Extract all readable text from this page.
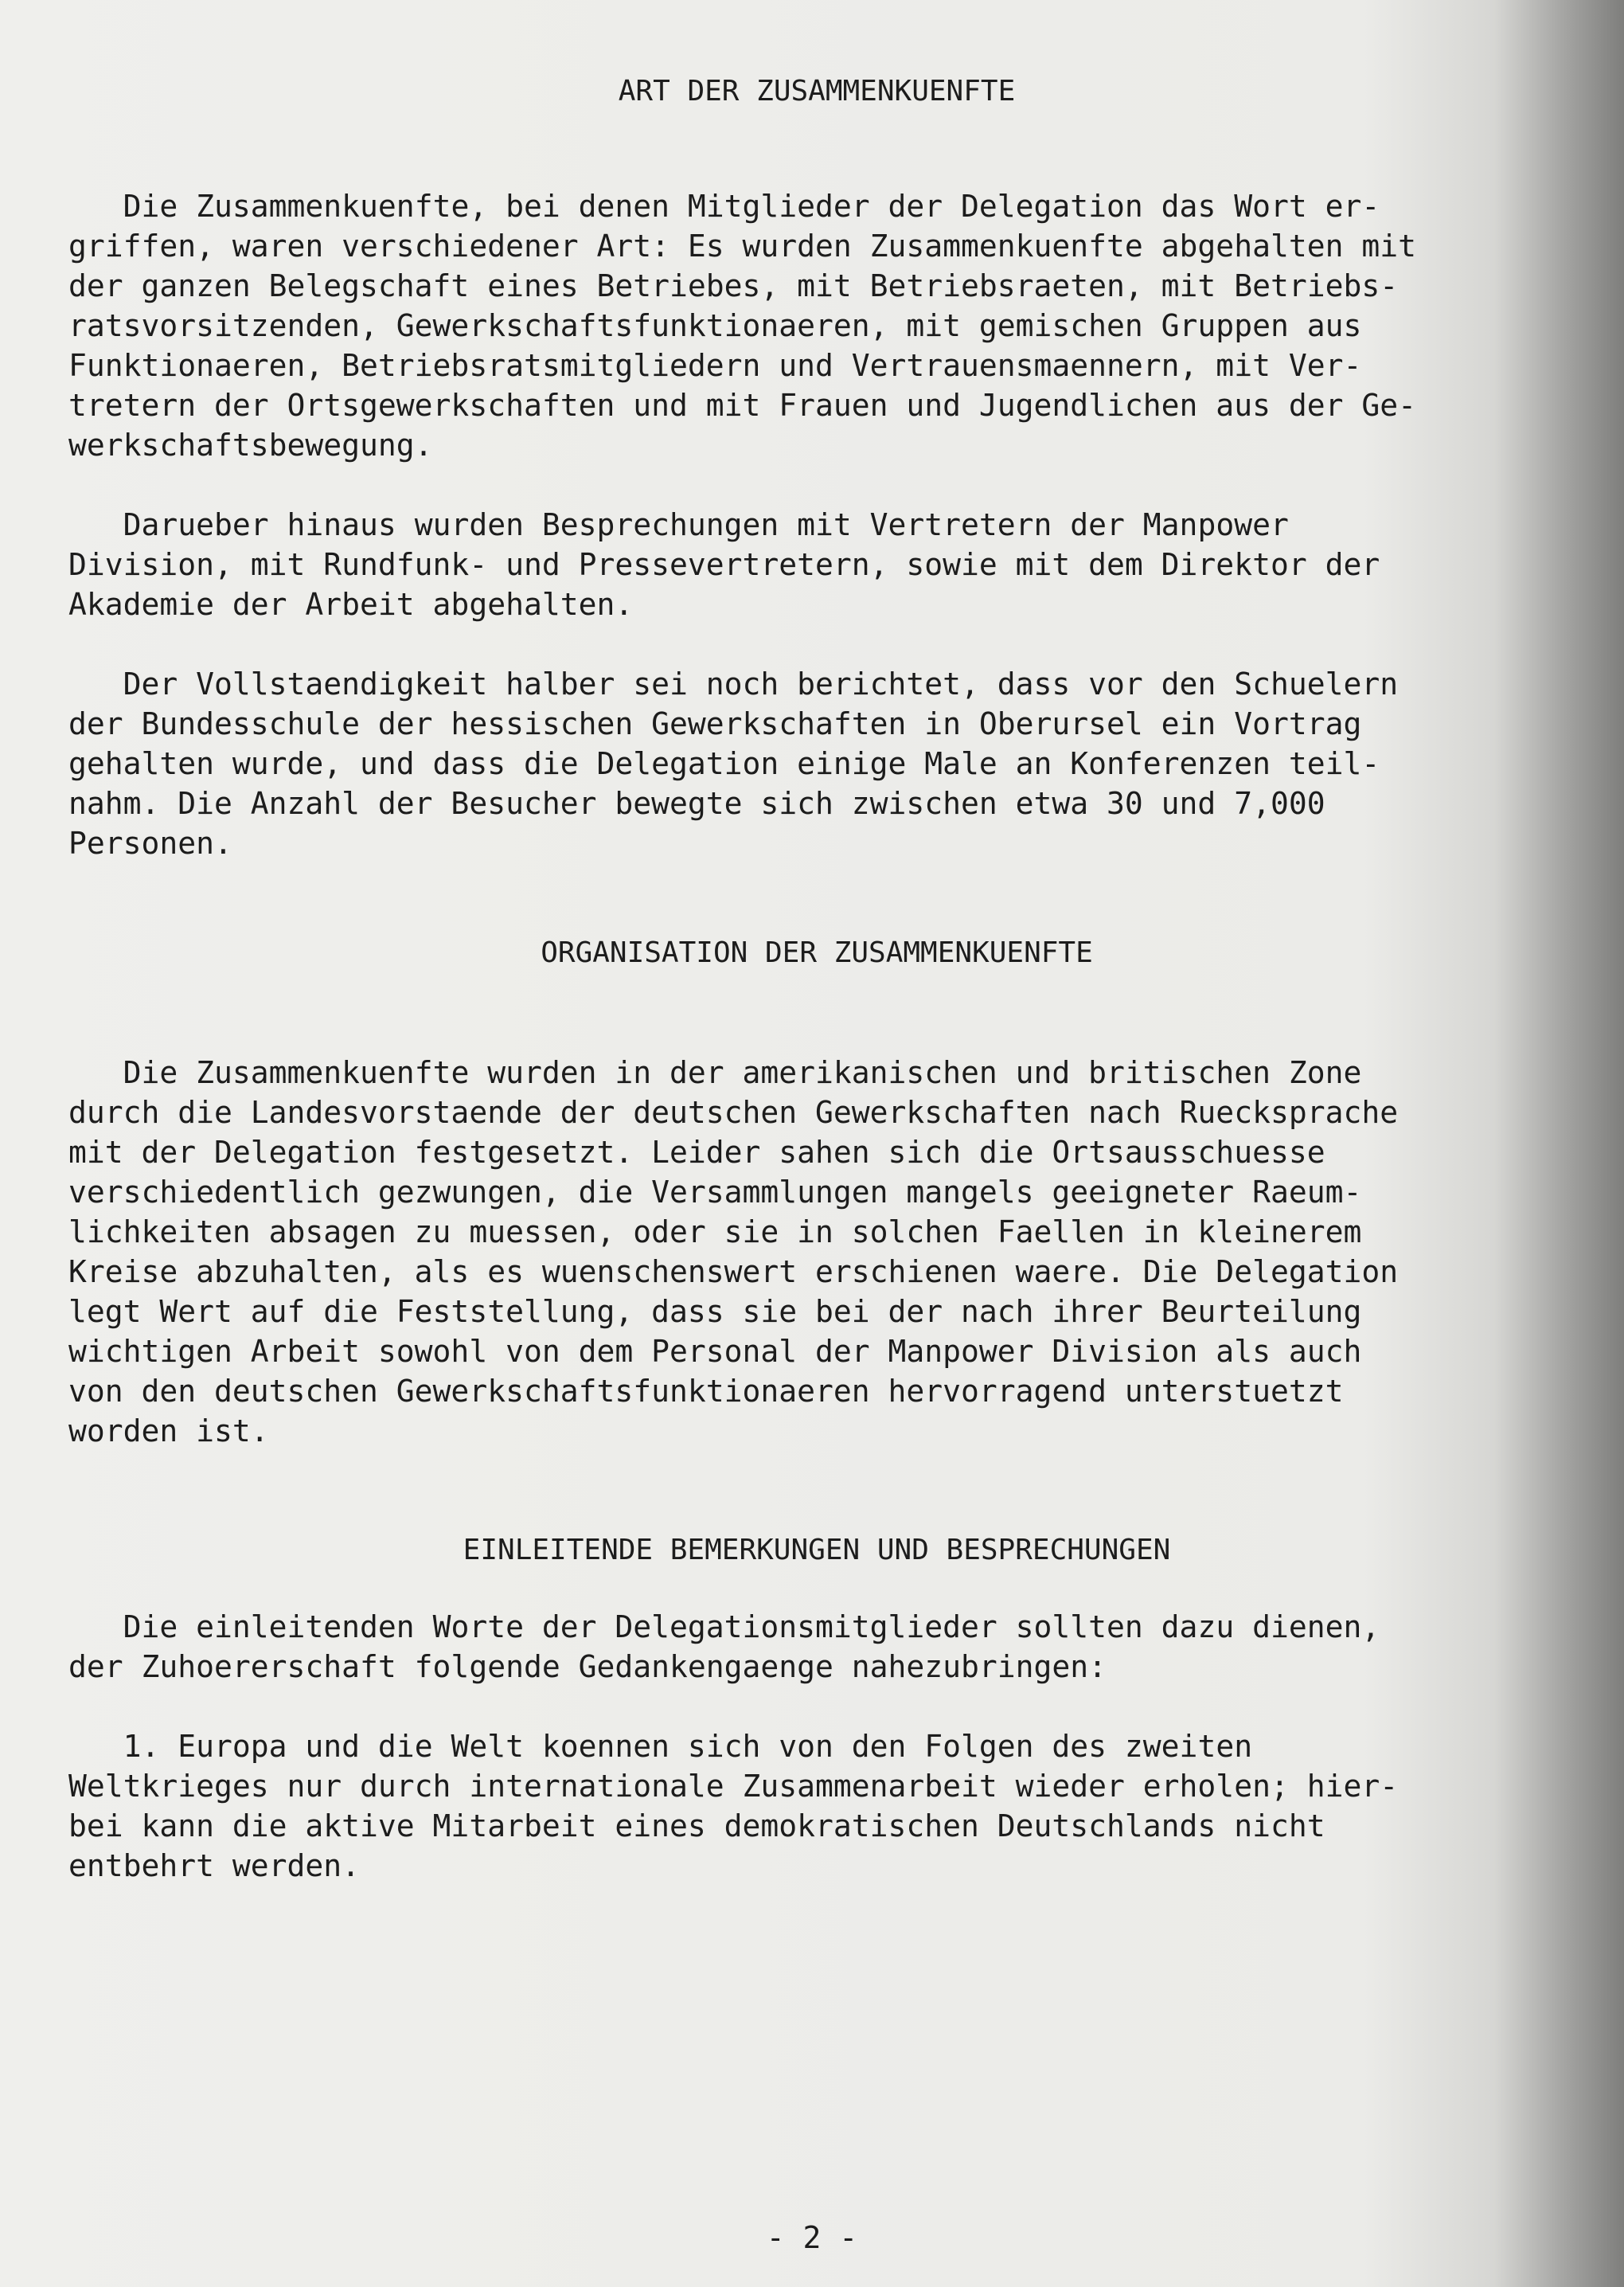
ART DER ZUSAMMENKUENFTE

Die Zusammenkuenfte, bei denen Mitglieder der Delegation das Wort er-
griffen, waren verschiedener Art: Es wurden Zusammenkuenfte abgehalten mit
der ganzen Belegschaft eines Betriebes, mit Betriebsraeten, mit Betriebs-
ratsvorsitzenden, Gewerkschaftsfunktionaeren, mit gemischen Gruppen aus
Funktionaeren, Betriebsratsmitgliedern und Vertrauensmaennern, mit Ver-
tretern der Ortsgewerkschaften und mit Frauen und Jugendlichen aus der Ge-
werkschaftsbewegung.

Darueber hinaus wurden Besprechungen mit Vertretern der Manpower
Division, mit Rundfunk- und Pressevertretern, sowie mit dem Direktor der
Akademie der Arbeit abgehalten.

Der Vollstaendigkeit halber sei noch berichtet, dass vor den Schuelern
der Bundesschule der hessischen Gewerkschaften in Oberursel ein Vortrag
gehalten wurde, und dass die Delegation einige Male an Konferenzen teil-
nahm. Die Anzahl der Besucher bewegte sich zwischen etwa 30 und 7,000
Personen.

ORGANISATION DER ZUSAMMENKUENFTE

Die Zusammenkuenfte wurden in der amerikanischen und britischen Zone
durch die Landesvorstaende der deutschen Gewerkschaften nach Ruecksprache
mit der Delegation festgesetzt. Leider sahen sich die Ortsausschuesse
verschiedentlich gezwungen, die Versammlungen mangels geeigneter Raeum-
lichkeiten absagen zu muessen, oder sie in solchen Faellen in kleinerem
Kreise abzuhalten, als es wuenschenswert erschienen waere. Die Delegation
legt Wert auf die Feststellung, dass sie bei der nach ihrer Beurteilung
wichtigen Arbeit sowohl von dem Personal der Manpower Division als auch
von den deutschen Gewerkschaftsfunktionaeren hervorragend unterstuetzt
worden ist.

EINLEITENDE BEMERKUNGEN UND BESPRECHUNGEN

Die einleitenden Worte der Delegationsmitglieder sollten dazu dienen,
der Zuhoererschaft folgende Gedankengaenge nahezubringen:

1. Europa und die Welt koennen sich von den Folgen des zweiten
Weltkrieges nur durch internationale Zusammenarbeit wieder erholen; hier-
bei kann die aktive Mitarbeit eines demokratischen Deutschlands nicht
entbehrt werden.

- 2 -
